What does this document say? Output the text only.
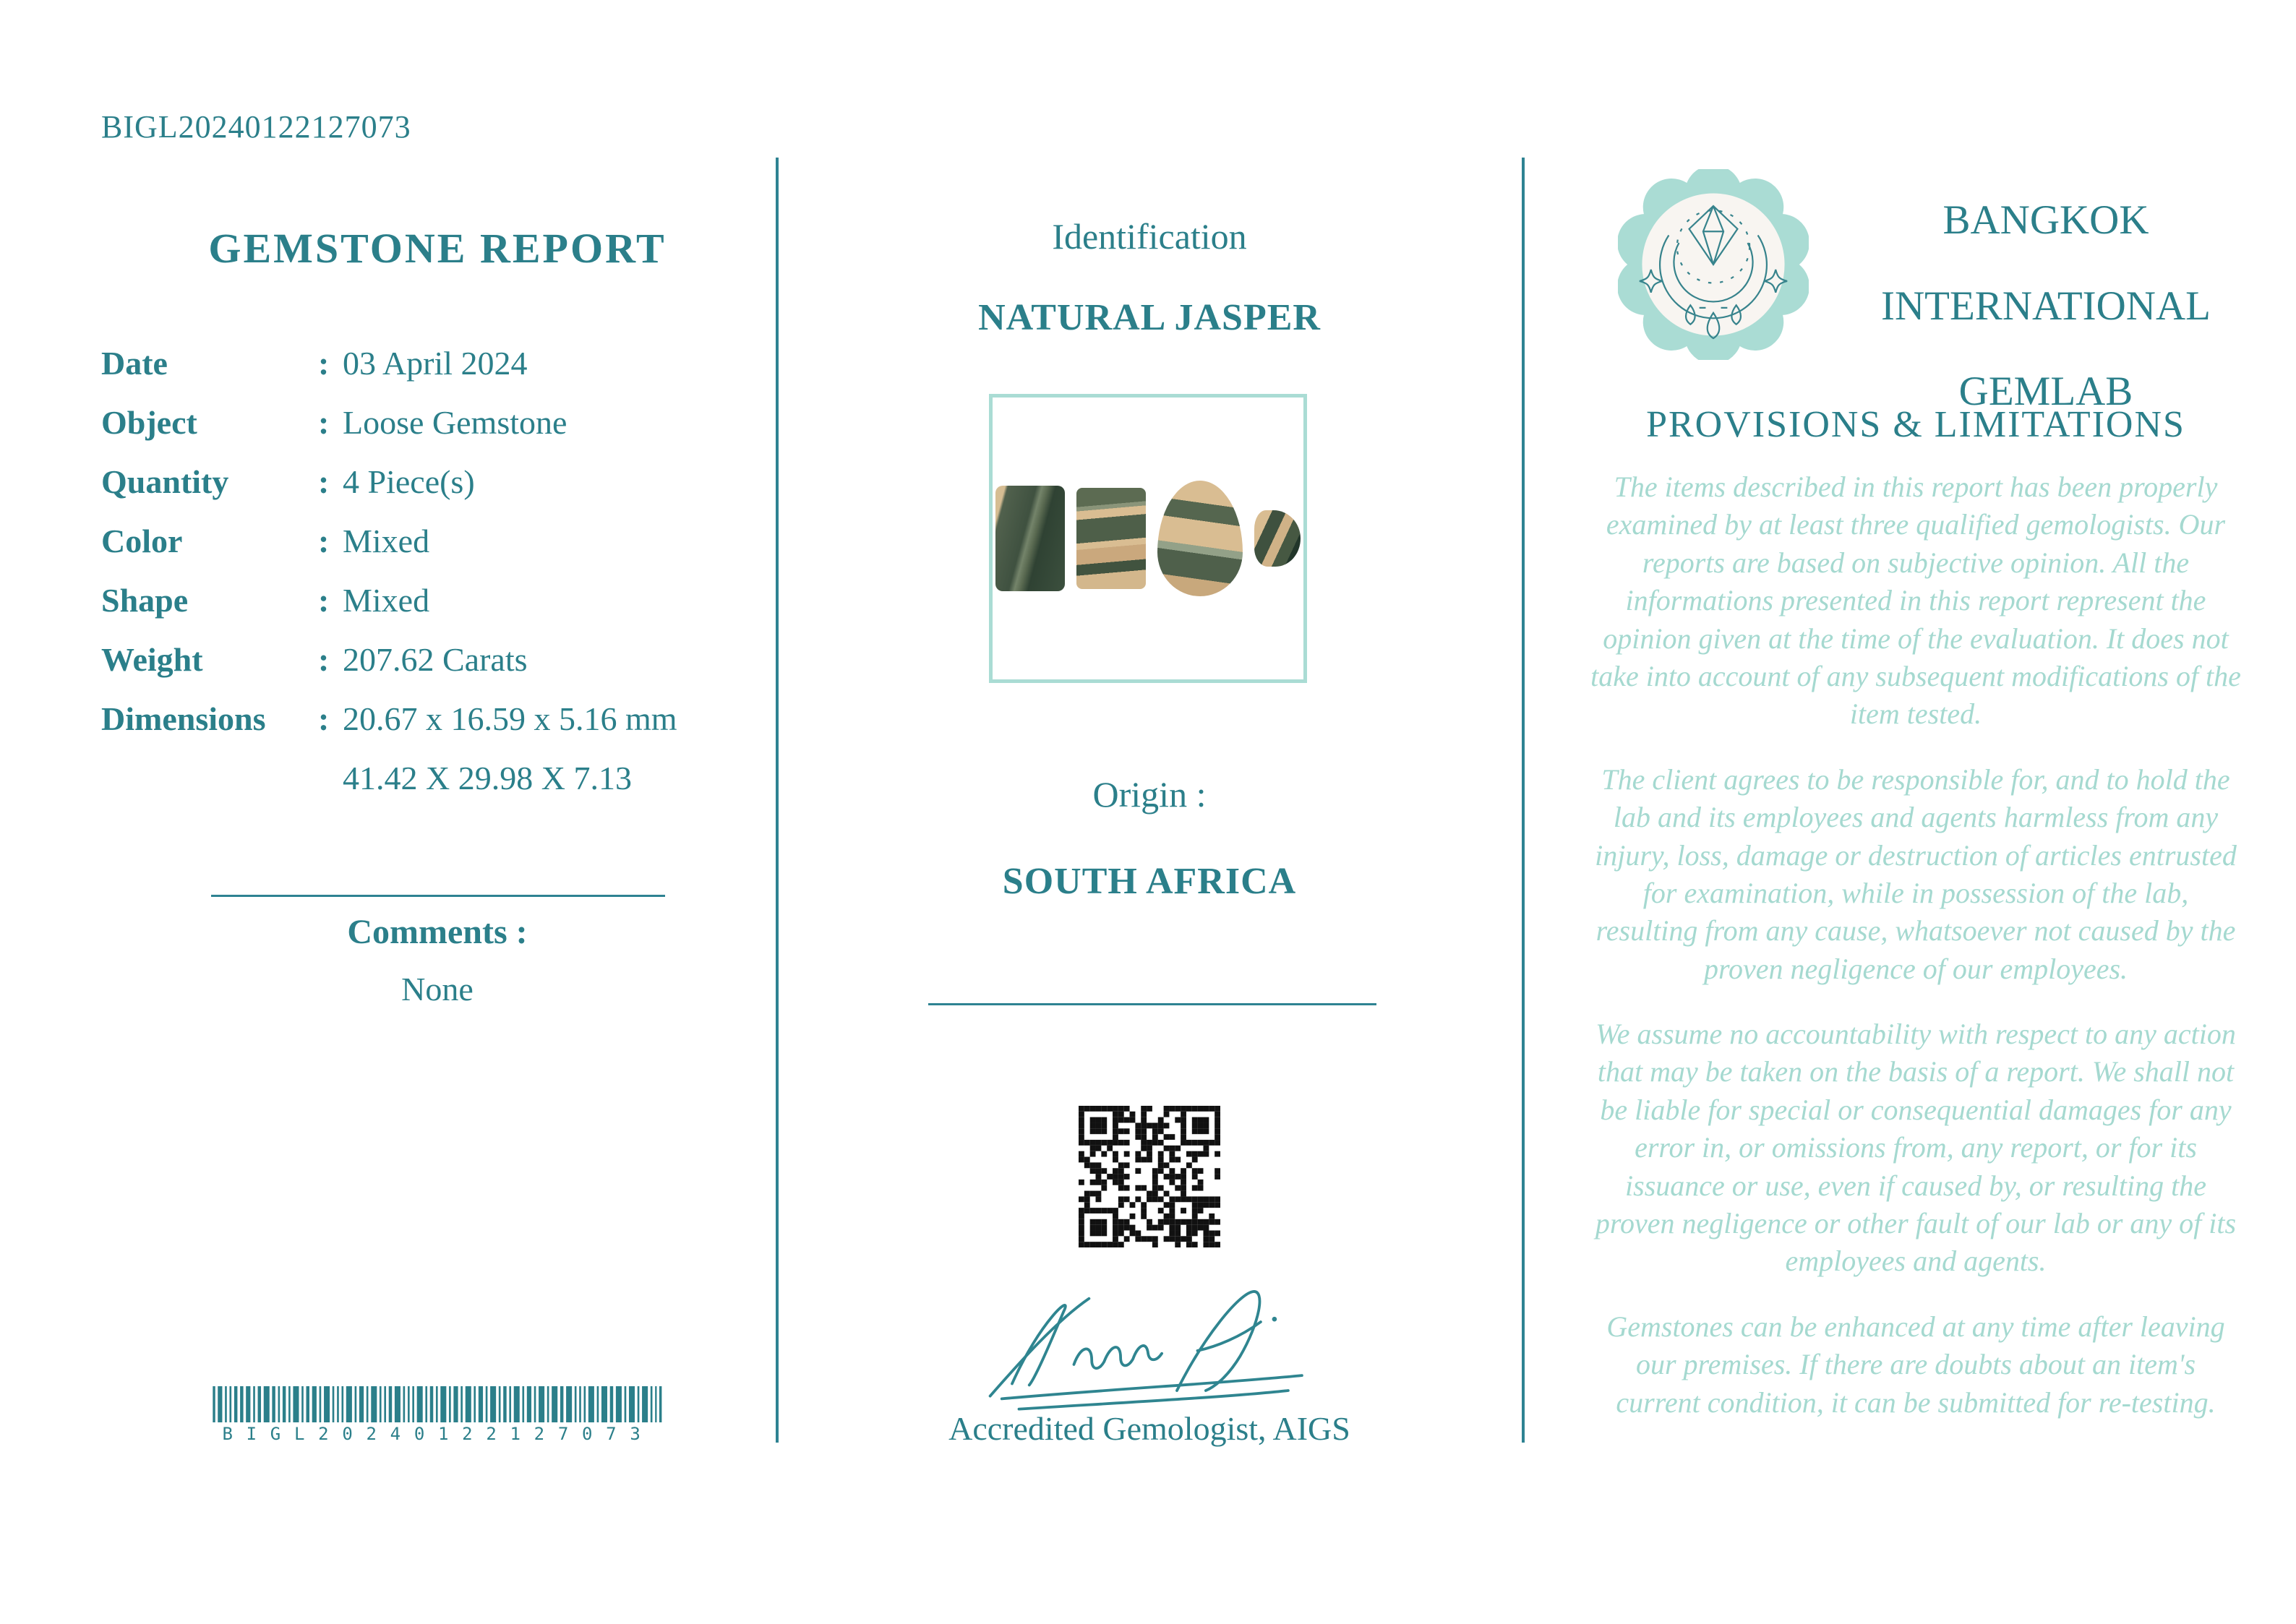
BIGL20240122127073
GEMSTONE REPORT
Date	: 03 April 2024
Object	: Loose Gemstone
Quantity	: 4 Piece(s)
Color	: Mixed
Shape	: Mixed
Weight	: 207.62 Carats
Dimensions	: 20.67 x 16.59 x 5.16 mm
41.42 X 29.98 X 7.13
Comments :
None
BIGL20240122127073
Identification
NATURAL JASPER
Origin :
SOUTH AFRICA
Accredited Gemologist, AIGS
BANGKOK
INTERNATIONAL
GEMLAB
PROVISIONS & LIMITATIONS

The items described in this report has been properly examined by at least three qualified gemologists. Our reports are based on subjective opinion. All the informations presented in this report represent the opinion given at the time of the evaluation. It does not take into account of any subsequent modifications of the item tested.

The client agrees to be responsible for, and to hold the lab and its employees and agents harmless from any injury, loss, damage or destruction of articles entrusted for examination, while in possession of the lab, resulting from any cause, whatsoever not caused by the proven negligence of our employees.

We assume no accountability with respect to any action that may be taken on the basis of a report. We shall not be liable for special or consequential damages for any error in, or omissions from, any report, or for its issuance or use, even if caused by, or resulting the proven negligence or other fault of our lab or any of its employees and agents.

Gemstones can be enhanced at any time after leaving our premises. If there are doubts about an item's current condition, it can be submitted for re-testing.
